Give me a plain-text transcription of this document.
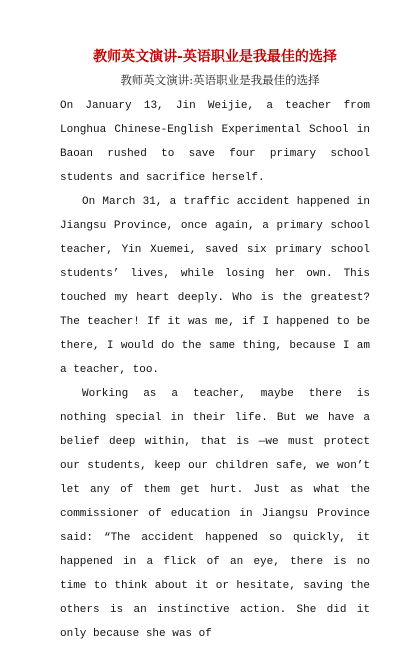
教师英文演讲-英语职业是我最佳的选择
教师英文演讲:英语职业是我最佳的选择

On January 13, Jin Weijie, a teacher from Longhua Chinese-English Experimental School in Baoan rushed to save four primary school students and sacrifice herself.

On March 31, a traffic accident happened in Jiangsu Province, once again, a primary school teacher, Yin Xuemei, saved six primary school students’ lives, while losing her own. This touched my heart deeply. Who is the greatest? The teacher! If it was me, if I happened to be there, I would do the same thing, because I am a teacher, too.

Working as a teacher, maybe there is nothing special in their life. But we have a belief deep within, that is —we must protect our students, keep our children safe, we won’t let any of them get hurt. Just as what the commissioner of education in Jiangsu Province said: “The accident happened so quickly, it happened in a flick of an eye, there is no time to think about it or hesitate, saving the others is an instinctive action. She did it only because she was of
